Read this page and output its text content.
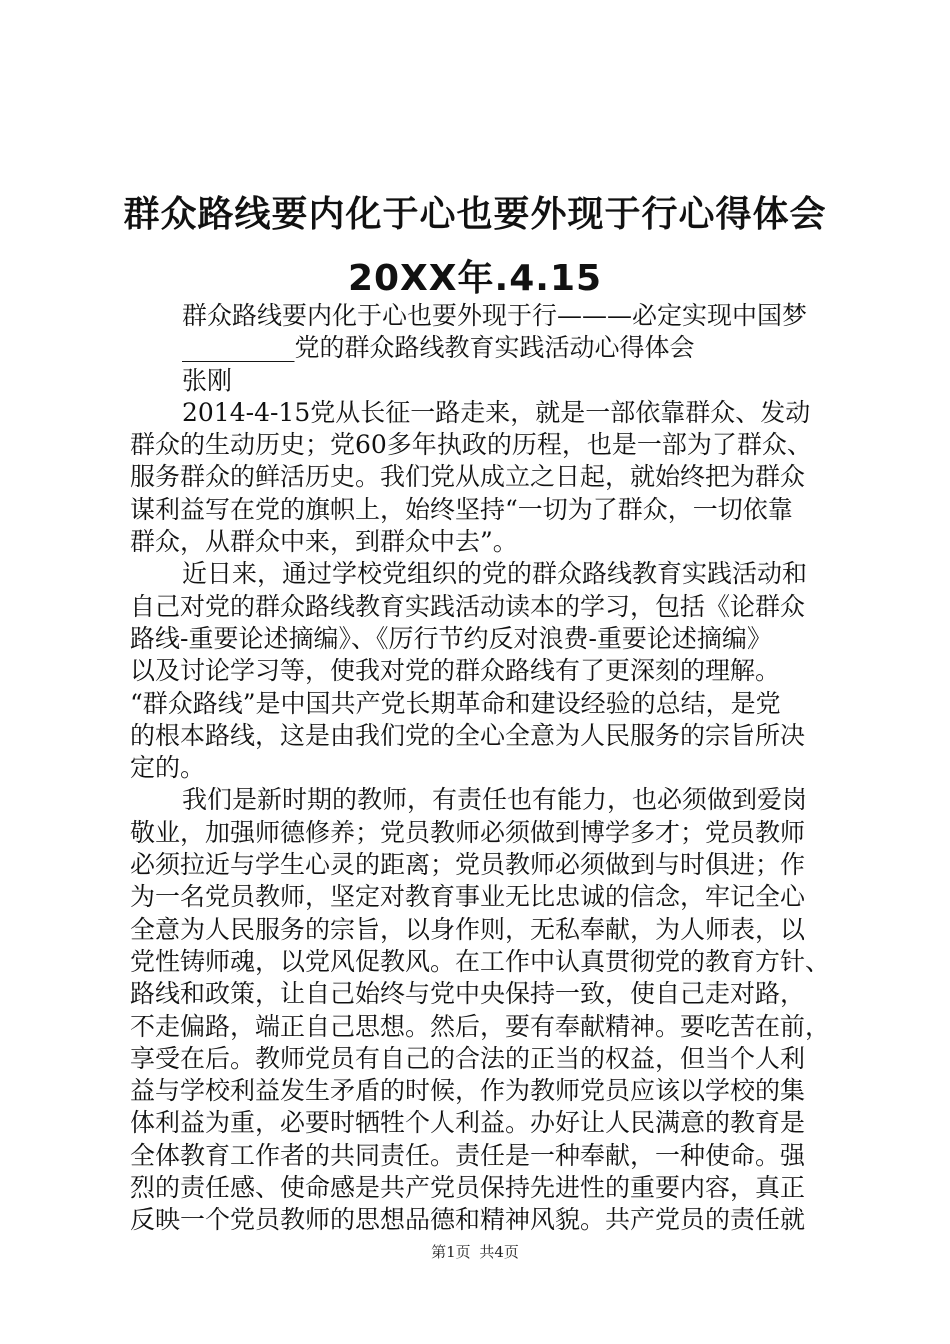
群众路线要内化于心也要外现于行心得体会
20XX年.4.15
群众路线要内化于心也要外现于行———必定实现中国梦
_________党的群众路线教育实践活动心得体会
张刚
2014-4-15党从长征一路走来，就是一部依靠群众、发动
群众的生动历史；党60多年执政的历程，也是一部为了群众、
服务群众的鲜活历史。我们党从成立之日起，就始终把为群众
谋利益写在党的旗帜上，始终坚持“一切为了群众，一切依靠
群众，从群众中来，到群众中去”。
近日来，通过学校党组织的党的群众路线教育实践活动和
自己对党的群众路线教育实践活动读本的学习，包括《论群众
路线-重要论述摘编》、《厉行节约反对浪费-重要论述摘编》
以及讨论学习等，使我对党的群众路线有了更深刻的理解。
“群众路线”是中国共产党长期革命和建设经验的总结，是党
的根本路线，这是由我们党的全心全意为人民服务的宗旨所决
定的。
我们是新时期的教师，有责任也有能力，也必须做到爱岗
敬业，加强师德修养；党员教师必须做到博学多才；党员教师
必须拉近与学生心灵的距离；党员教师必须做到与时俱进；作
为一名党员教师，坚定对教育事业无比忠诚的信念，牢记全心
全意为人民服务的宗旨，以身作则，无私奉献，为人师表，以
党性铸师魂，以党风促教风。在工作中认真贯彻党的教育方针、
路线和政策，让自己始终与党中央保持一致，使自己走对路，
不走偏路，端正自己思想。然后，要有奉献精神。要吃苦在前，
享受在后。教师党员有自己的合法的正当的权益，但当个人利
益与学校利益发生矛盾的时候，作为教师党员应该以学校的集
体利益为重，必要时牺牲个人利益。办好让人民满意的教育是
全体教育工作者的共同责任。责任是一种奉献，一种使命。强
烈的责任感、使命感是共产党员保持先进性的重要内容，真正
反映一个党员教师的思想品德和精神风貌。共产党员的责任就
第1页 共4页
